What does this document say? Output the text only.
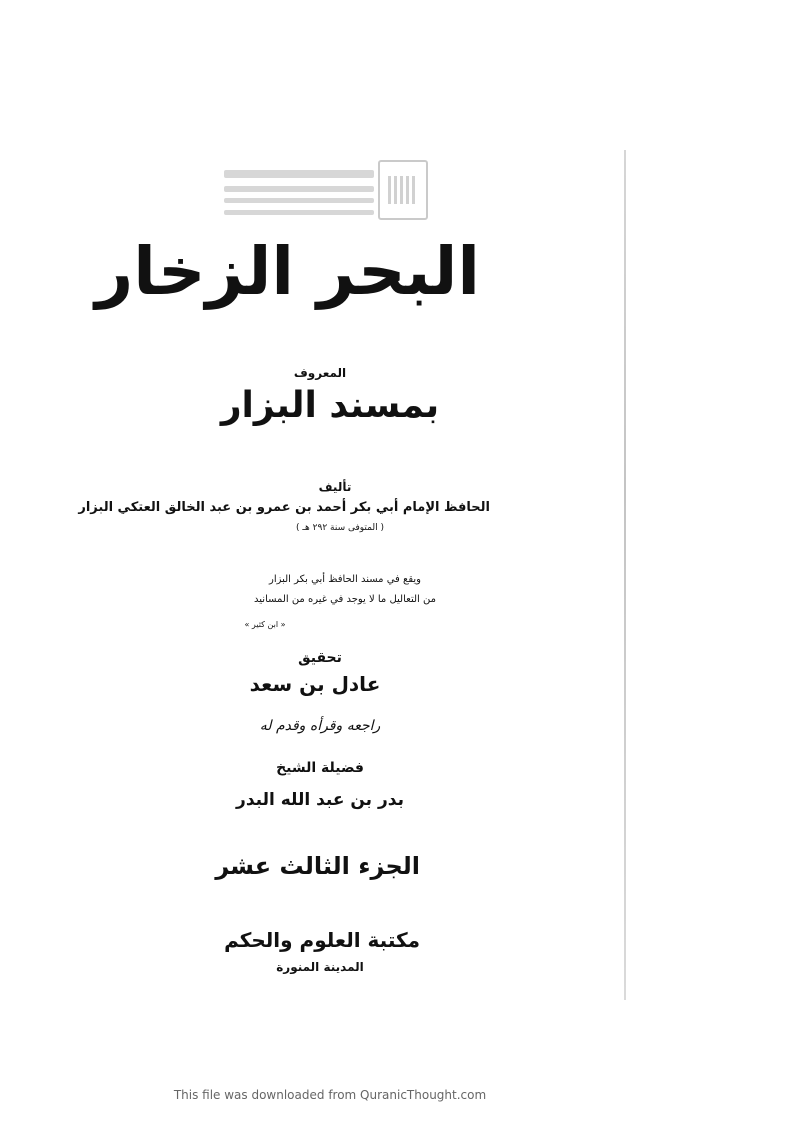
البحر الزخار
المعروف
بمسند البزار
تأليف
الحافظ الإمام أبي بكر أحمد بن عمرو بن عبد الخالق العتكي البزار
( المتوفى سنة ٢٩٢ هـ )
ويقع في مسند الحافظ أبي بكر البزار
من التعاليل ما لا يوجد في غيره من المسانيد
« ابن كثير »
تحقيق
عادل بن سعد
راجعه وقرأه وقدم له
فضيلة الشيخ
بدر بن عبد الله البدر
الجزء الثالث عشر
مكتبة العلوم والحكم
المدينة المنورة
This file was downloaded from QuranicThought.com
